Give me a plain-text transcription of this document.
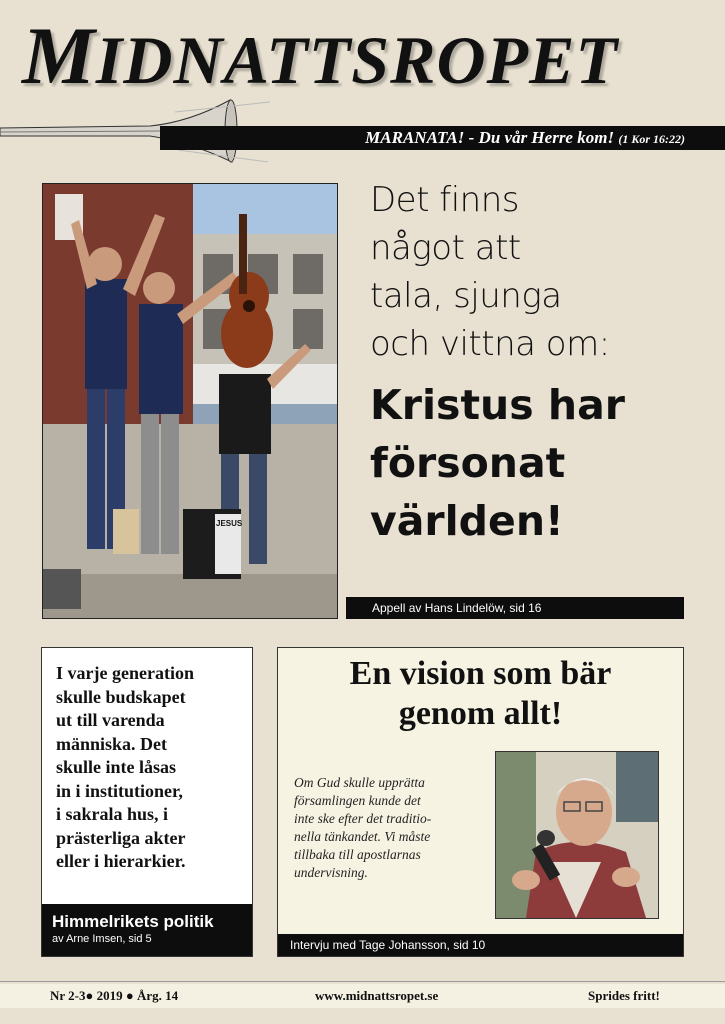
MIDNATTSROPET
MARANATA! - Du vår Herre kom! (1 Kor 16:22)
JESUS

Det finns
något att
tala, sjunga
och vittna om:

Kristus har
försonat
världen!
Appell av Hans Lindelöw, sid 16
I varje generation
skulle budskapet
ut till varenda
människa. Det
skulle inte låsas
in i institutioner,
i sakrala hus, i
prästerliga akter
eller i hierarkier.
Himmelrikets politik
av Arne Imsen, sid 5
En vision som bär
genom allt!
Om Gud skulle upprätta
församlingen kunde det
inte ske efter det traditio-
nella tänkandet. Vi måste
tillbaka till apostlarnas
undervisning.
Intervju med Tage Johansson, sid 10
Nr 2-3● 2019 ● Årg. 14	www.midnattsropet.se	Sprides fritt!
